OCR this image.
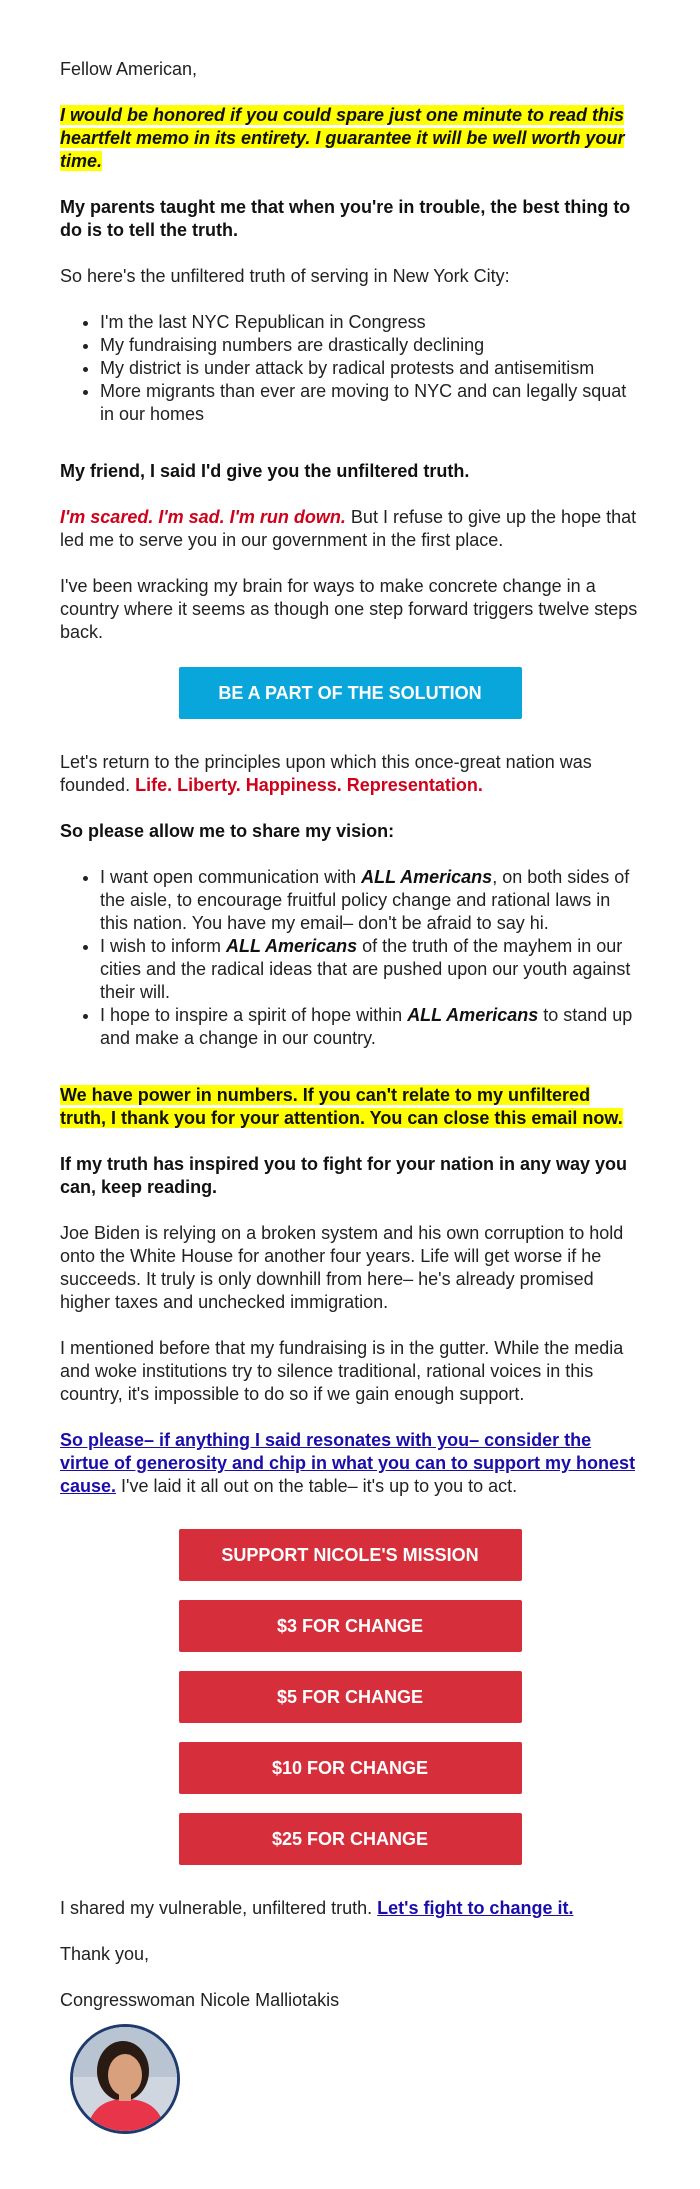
Fellow American,

I would be honored if you could spare just one minute to read this heartfelt memo in its entirety. I guarantee it will be well worth your time.

My parents taught me that when you're in trouble, the best thing to do is to tell the truth.

So here's the unfiltered truth of serving in New York City:

• I'm the last NYC Republican in Congress
• My fundraising numbers are drastically declining
• My district is under attack by radical protests and antisemitism
• More migrants than ever are moving to NYC and can legally squat in our homes

My friend, I said I'd give you the unfiltered truth.

I'm scared. I'm sad. I'm run down. But I refuse to give up the hope that led me to serve you in our government in the first place.

I've been wracking my brain for ways to make concrete change in a country where it seems as though one step forward triggers twelve steps back.

BE A PART OF THE SOLUTION

Let's return to the principles upon which this once-great nation was founded. Life. Liberty. Happiness. Representation.

So please allow me to share my vision:

• I want open communication with ALL Americans, on both sides of the aisle, to encourage fruitful policy change and rational laws in this nation. You have my email– don't be afraid to say hi.
• I wish to inform ALL Americans of the truth of the mayhem in our cities and the radical ideas that are pushed upon our youth against their will.
• I hope to inspire a spirit of hope within ALL Americans to stand up and make a change in our country.

We have power in numbers. If you can't relate to my unfiltered truth, I thank you for your attention. You can close this email now.

If my truth has inspired you to fight for your nation in any way you can, keep reading.

Joe Biden is relying on a broken system and his own corruption to hold onto the White House for another four years. Life will get worse if he succeeds. It truly is only downhill from here– he's already promised higher taxes and unchecked immigration.

I mentioned before that my fundraising is in the gutter. While the media and woke institutions try to silence traditional, rational voices in this country, it's impossible to do so if we gain enough support.

So please– if anything I said resonates with you– consider the virtue of generosity and chip in what you can to support my honest cause. I've laid it all out on the table– it's up to you to act.

SUPPORT NICOLE'S MISSION
$3 FOR CHANGE
$5 FOR CHANGE
$10 FOR CHANGE
$25 FOR CHANGE

I shared my vulnerable, unfiltered truth. Let's fight to change it.

Thank you,

Congresswoman Nicole Malliotakis
